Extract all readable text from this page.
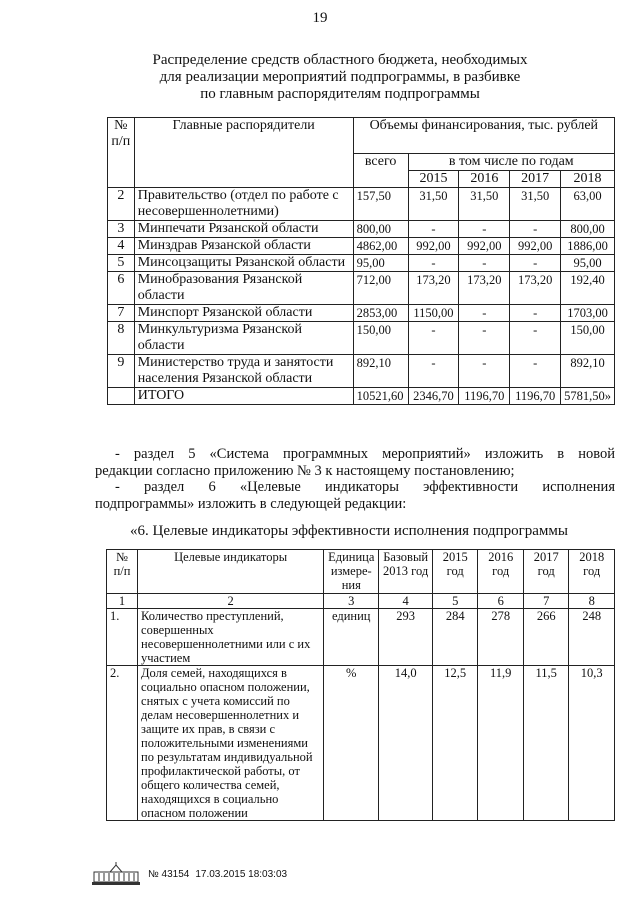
19
Распределение средств областного бюджета, необходимых
для реализации мероприятий подпрограммы, в разбивке
по главным распорядителям подпрограммы
№ п/п	Главные распорядители	Объемы финансирования, тыс. рублей				
		всего	в том числе по годам			
			2015	2016	2017	2018
2	Правительство (отдел по работе с несовершеннолетними)	157,50	31,50	31,50	31,50	63,00
3	Минпечати Рязанской области	800,00	-	-	-	800,00
4	Минздрав Рязанской области	4862,00	992,00	992,00	992,00	1886,00
5	Минсоцзащиты Рязанской области	95,00	-	-	-	95,00
6	Минобразования Рязанской области	712,00	173,20	173,20	173,20	192,40
7	Минспорт Рязанской области	2853,00	1150,00	-	-	1703,00
8	Минкультуризма Рязанской области	150,00	-	-	-	150,00
9	Министерство труда и занятости населения Рязанской области	892,10	-	-	-	892,10
	ИТОГО	10521,60	2346,70	1196,70	1196,70	5781,50»
- раздел 5 «Система программных мероприятий» изложить в новой
редакции согласно приложению № 3 к настоящему постановлению;
- раздел 6 «Целевые индикаторы эффективности исполнения
подпрограммы» изложить в следующей редакции:
«6. Целевые индикаторы эффективности исполнения подпрограммы
№ п/п	Целевые индикаторы	Единица измере-ния	Базовый 2013 год	2015 год	2016 год	2017 год	2018 год
1	2	3	4	5	6	7	8
1.	Количество преступлений, совершенных несовершеннолетними или с их участием	единиц	293	284	278	266	248
2.	Доля семей, находящихся в социально опасном положении, снятых с учета комиссий по делам несовершеннолетних и защите их прав, в связи с положительными изменениями по результатам индивидуальной профилактической работы, от общего количества семей, находящихся в социально опасном положении	%	14,0	12,5	11,9	11,5	10,3
№ 43154 17.03.2015 18:03:03
